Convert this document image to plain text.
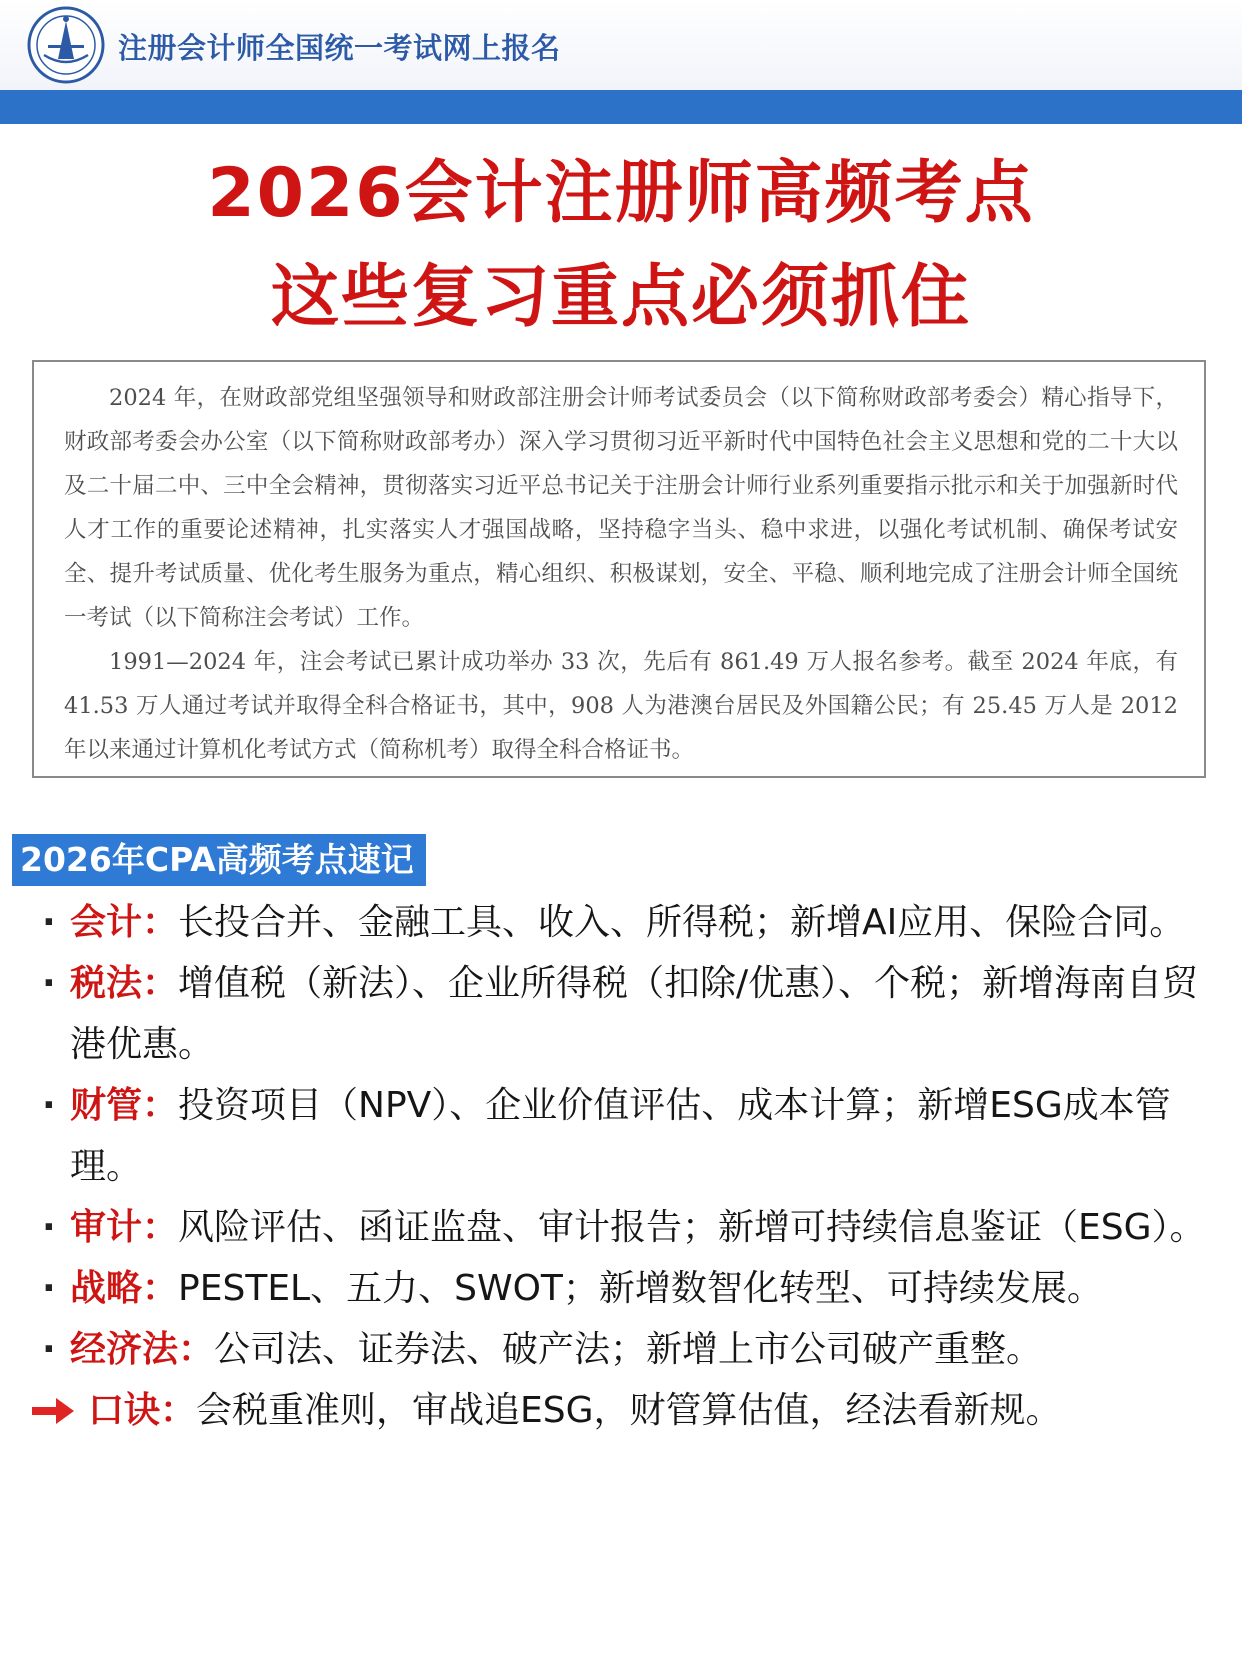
注册会计师全国统一考试网上报名
2026会计注册师高频考点
这些复习重点必须抓住

2024 年，在财政部党组坚强领导和财政部注册会计师考试委员会（以下简称财政部考委会）精心指导下，财政部考委会办公室（以下简称财政部考办）深入学习贯彻习近平新时代中国特色社会主义思想和党的二十大以及二十届二中、三中全会精神，贯彻落实习近平总书记关于注册会计师行业系列重要指示批示和关于加强新时代人才工作的重要论述精神，扎实落实人才强国战略，坚持稳字当头、稳中求进，以强化考试机制、确保考试安全、提升考试质量、优化考生服务为重点，精心组织、积极谋划，安全、平稳、顺利地完成了注册会计师全国统一考试（以下简称注会考试）工作。

1991—2024 年，注会考试已累计成功举办 33 次，先后有 861.49 万人报名参考。截至 2024 年底，有 41.53 万人通过考试并取得全科合格证书，其中，908 人为港澳台居民及外国籍公民；有 25.45 万人是 2012 年以来通过计算机化考试方式（简称机考）取得全科合格证书。

2026年CPA高频考点速记
· 会计：长投合并、金融工具、收入、所得税；新增AI应用、保险合同。
· 税法：增值税（新法）、企业所得税（扣除/优惠）、个税；新增海南自贸港优惠。
· 财管：投资项目（NPV）、企业价值评估、成本计算；新增ESG成本管理。
· 审计：风险评估、函证监盘、审计报告；新增可持续信息鉴证（ESG）。
· 战略：PESTEL、五力、SWOT；新增数智化转型、可持续发展。
· 经济法：公司法、证券法、破产法；新增上市公司破产重整。
口诀：会税重准则，审战追ESG，财管算估值，经法看新规。
